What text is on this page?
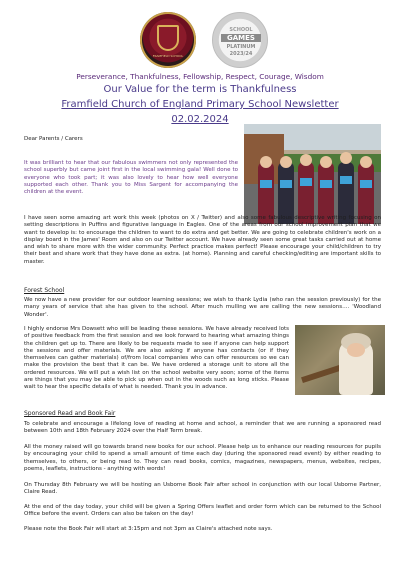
FRAMFIELD SCHOOL
SCHOOL
GAMES
PLATINUM
2023/24
Perseverance, Thankfulness, Fellowship, Respect, Courage, Wisdom
Our Value for the term is Thankfulness
Framfield Church of England Primary School Newsletter
02.02.2024
Dear Parents / Carers
It was brilliant to hear that our fabulous swimmers not only represented the school superbly but came joint first in the local swimming gala! Well done to everyone who took part; it was also lovely to hear how well everyone supported each other. Thank you to Miss Sargent for accompanying the children at the event.
I have seen some amazing art work this week (photos on X / Twitter) and also some fabulous descriptive writing focusing on setting descriptions in Puffins and figurative language in Eagles. One of the areas from our school improvement plan that we want to develop is: to encourage the children to want to do extra and get better. We are going to celebrate children's work on a display board in the James' Room and also on our Twitter account. We have already seen some great tasks carried out at home and wish to share more with the wider community. Perfect practice makes perfect! Please encourage your child/children to try their best and share work that they have done as extra. (at home). Planning and careful checking/editing are important skills to master.
Forest School
We now have a new provider for our outdoor learning sessions; we wish to thank Lydia (who ran the session previously) for the many years of service that she has given to the school. After much mulling we are calling the new sessions…. 'Woodland Wonder'.
I highly endorse Mrs Dowsett who will be leading these sessions. We have already received lots of positive feedback from the first session and we look forward to hearing what amazing things the children get up to. There are likely to be requests made to see if anyone can help support the sessions and offer materials. We are also asking if anyone has contacts (or if they themselves can gather materials) of/from local companies who can offer resources so we can make the provision the best that it can be. We have ordered a storage unit to store all the ordered resources. We will put a wish list on the school website very soon; some of the items are things that you may be able to pick up when out in the woods such as long sticks. Please wait to hear the specific details of what is needed. Thank you in advance.
Sponsored Read and Book Fair
To celebrate and encourage a lifelong love of reading at home and school, a reminder that we are running a sponsored read between 10th and 18th February 2024 over the Half Term break.
All the money raised will go towards brand new books for our school. Please help us to enhance our reading resources for pupils by encouraging your child to spend a small amount of time each day (during the sponsored read event) by either reading to themselves, to others, or being read to. They can read books, comics, magazines, newspapers, menus, websites, recipes, poems, leaflets, instructions - anything with words!
On Thursday 8th February we will be hosting an Usborne Book Fair after school in conjunction with our local Usborne Partner, Claire Read.
At the end of the day today, your child will be given a Spring Offers leaflet and order form which can be returned to the School Office before the event. Orders can also be taken on the day!
Please note the Book Fair will start at 3:15pm and not 3pm as Claire's attached note says.
